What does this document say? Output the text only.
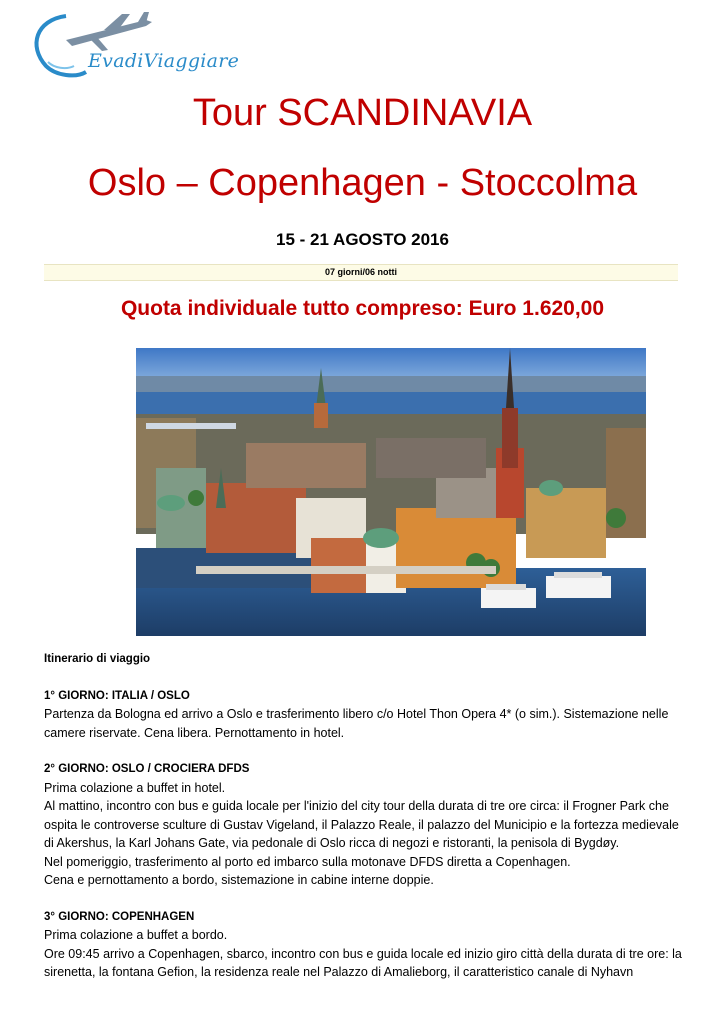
EvadiViaggiare
Tour SCANDINAVIA
Oslo – Copenhagen - Stoccolma
15 - 21 AGOSTO 2016
07 giorni/06 notti
Quota individuale tutto compreso: Euro 1.620,00
Itinerario di viaggio
1° GIORNO: ITALIA / OSLO

Partenza da Bologna ed arrivo a Oslo e trasferimento libero c/o Hotel Thon Opera 4* (o sim.). Sistemazione nelle camere riservate. Cena libera. Pernottamento in hotel.

2° GIORNO: OSLO / CROCIERA DFDS

Prima colazione a buffet in hotel.

Al mattino, incontro con bus e guida locale per l'inizio del city tour della durata di tre ore circa: il Frogner Park che ospita le controverse sculture di Gustav Vigeland, il Palazzo Reale, il palazzo del Municipio e la fortezza medievale di Akershus, la Karl Johans Gate, via pedonale di Oslo ricca di negozi e ristoranti, la penisola di Bygdøy.

Nel pomeriggio, trasferimento al porto ed imbarco sulla motonave DFDS diretta a Copenhagen.

Cena e pernottamento a bordo, sistemazione in cabine interne doppie.

3° GIORNO: COPENHAGEN

Prima colazione a buffet a bordo.

Ore 09:45 arrivo a Copenhagen, sbarco, incontro con bus e guida locale ed inizio giro città della durata di tre ore: la sirenetta, la fontana Gefion, la residenza reale nel Palazzo di Amalieborg, il caratteristico canale di Nyhavn
